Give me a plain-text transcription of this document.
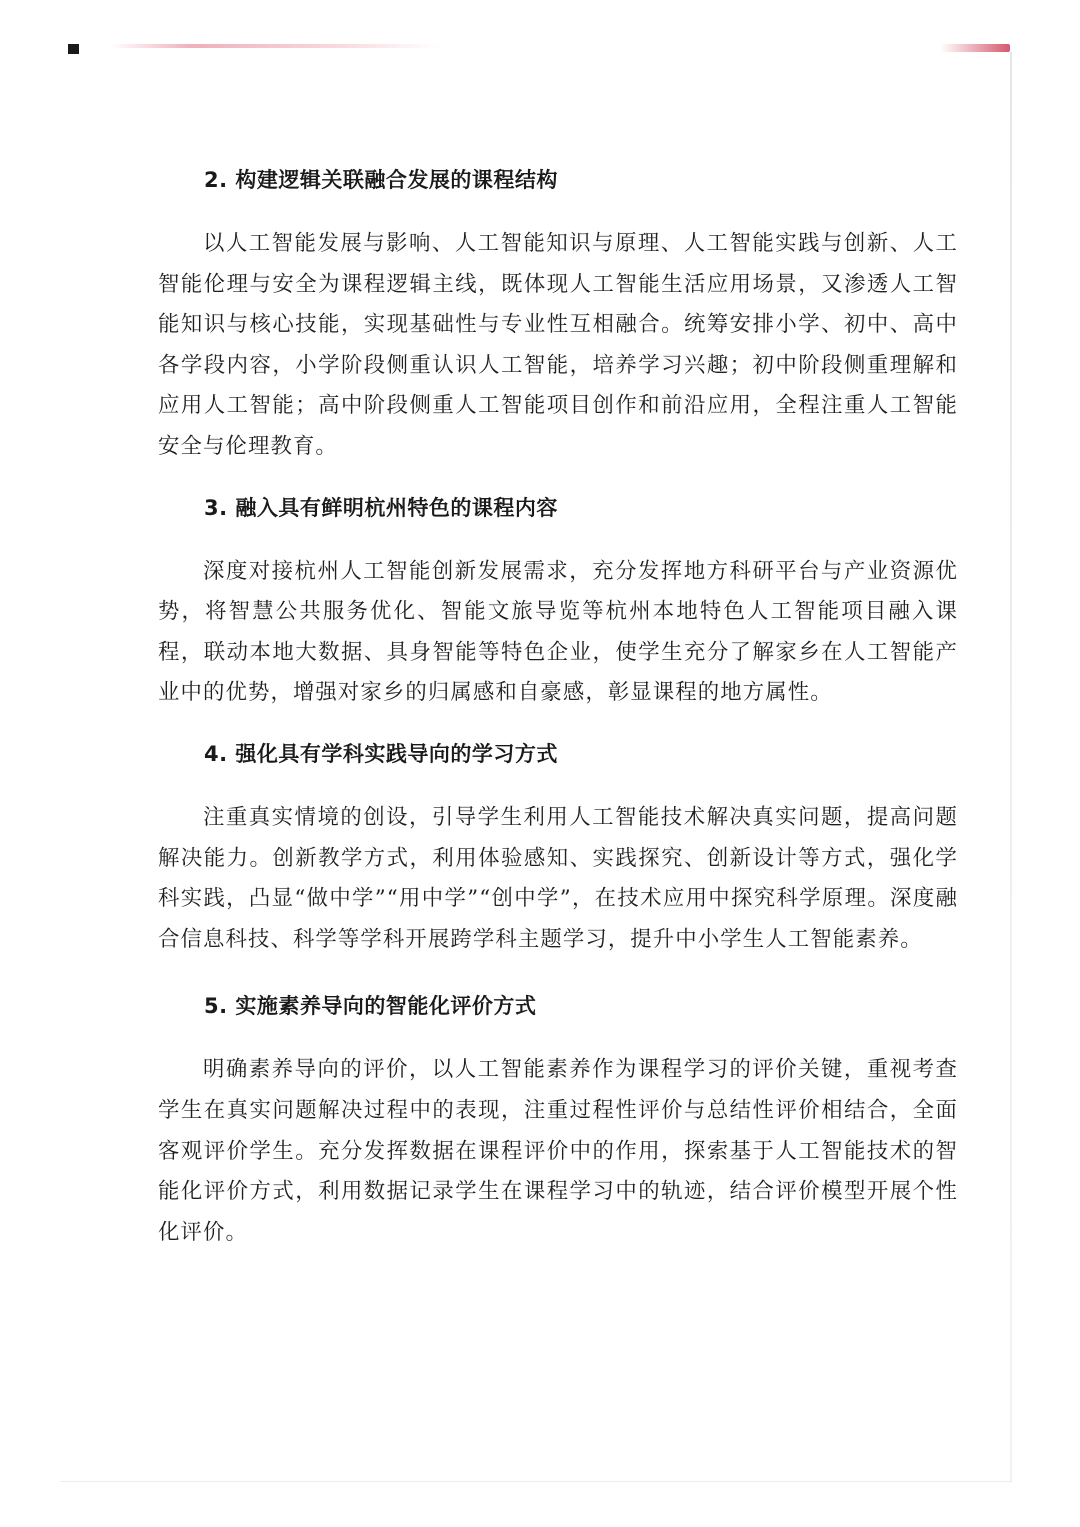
2. 构建逻辑关联融合发展的课程结构

以人工智能发展与影响、人工智能知识与原理、人工智能实践与创新、人工智能伦理与安全为课程逻辑主线，既体现人工智能生活应用场景，又渗透人工智能知识与核心技能，实现基础性与专业性互相融合。统筹安排小学、初中、高中各学段内容，小学阶段侧重认识人工智能，培养学习兴趣；初中阶段侧重理解和应用人工智能；高中阶段侧重人工智能项目创作和前沿应用，全程注重人工智能安全与伦理教育。

3. 融入具有鲜明杭州特色的课程内容

深度对接杭州人工智能创新发展需求，充分发挥地方科研平台与产业资源优势，将智慧公共服务优化、智能文旅导览等杭州本地特色人工智能项目融入课程，联动本地大数据、具身智能等特色企业，使学生充分了解家乡在人工智能产业中的优势，增强对家乡的归属感和自豪感，彰显课程的地方属性。

4. 强化具有学科实践导向的学习方式

注重真实情境的创设，引导学生利用人工智能技术解决真实问题，提高问题解决能力。创新教学方式，利用体验感知、实践探究、创新设计等方式，强化学科实践，凸显“做中学”“用中学”“创中学”，在技术应用中探究科学原理。深度融合信息科技、科学等学科开展跨学科主题学习，提升中小学生人工智能素养。

5. 实施素养导向的智能化评价方式

明确素养导向的评价，以人工智能素养作为课程学习的评价关键，重视考查学生在真实问题解决过程中的表现，注重过程性评价与总结性评价相结合，全面客观评价学生。充分发挥数据在课程评价中的作用，探索基于人工智能技术的智能化评价方式，利用数据记录学生在课程学习中的轨迹，结合评价模型开展个性化评价。
